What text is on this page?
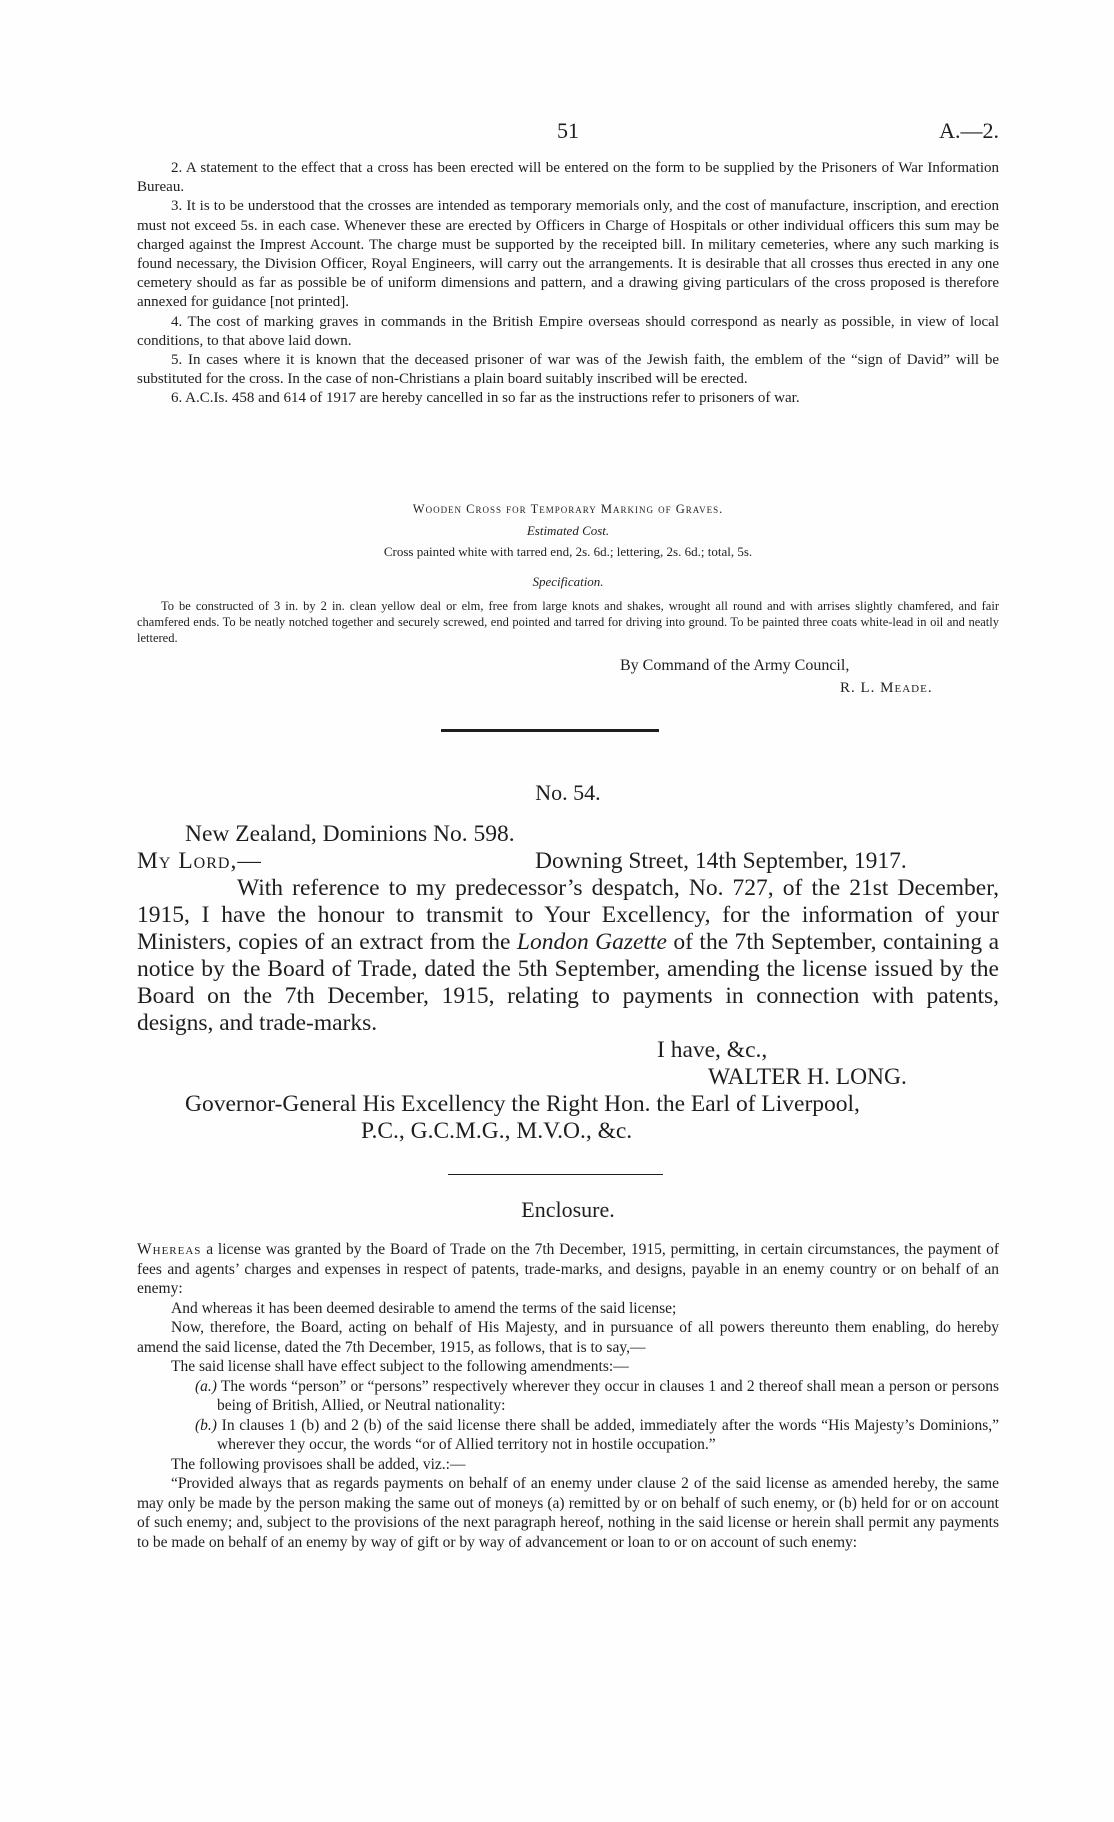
51	A.—2.

2. A statement to the effect that a cross has been erected will be entered on the form to be supplied by the Prisoners of War Information Bureau.

3. It is to be understood that the crosses are intended as temporary memorials only, and the cost of manufacture, inscription, and erection must not exceed 5s. in each case. Whenever these are erected by Officers in Charge of Hospitals or other individual officers this sum may be charged against the Imprest Account. The charge must be supported by the receipted bill. In military cemeteries, where any such marking is found necessary, the Division Officer, Royal Engineers, will carry out the arrangements. It is desirable that all crosses thus erected in any one cemetery should as far as possible be of uniform dimensions and pattern, and a drawing giving particulars of the cross proposed is therefore annexed for guidance [not printed].

4. The cost of marking graves in commands in the British Empire overseas should correspond as nearly as possible, in view of local conditions, to that above laid down.

5. In cases where it is known that the deceased prisoner of war was of the Jewish faith, the emblem of the “sign of David” will be substituted for the cross. In the case of non-Christians a plain board suitably inscribed will be erected.

6. A.C.Is. 458 and 614 of 1917 are hereby cancelled in so far as the instructions refer to prisoners of war.

Wooden Cross for Temporary Marking of Graves.
Estimated Cost.
Cross painted white with tarred end, 2s. 6d.; lettering, 2s. 6d.; total, 5s.
Specification.

To be constructed of 3 in. by 2 in. clean yellow deal or elm, free from large knots and shakes, wrought all round and with arrises slightly chamfered, and fair chamfered ends. To be neatly notched together and securely screwed, end pointed and tarred for driving into ground. To be painted three coats white-lead in oil and neatly lettered.

By Command of the Army Council,
R. L. Meade.
No. 54.
New Zealand, Dominions No. 598.
My Lord,—	Downing Street, 14th September, 1917.

With reference to my predecessor’s despatch, No. 727, of the 21st December, 1915, I have the honour to transmit to Your Excellency, for the information of your Ministers, copies of an extract from the London Gazette of the 7th September, containing a notice by the Board of Trade, dated the 5th September, amending the license issued by the Board on the 7th December, 1915, relating to payments in connection with patents, designs, and trade-marks.

I have, &c.,
WALTER H. LONG.
Governor-General His Excellency the Right Hon. the Earl of Liverpool,
P.C., G.C.M.G., M.V.O., &c.
Enclosure.

Whereas a license was granted by the Board of Trade on the 7th December, 1915, permitting, in certain circumstances, the payment of fees and agents’ charges and expenses in respect of patents, trade-marks, and designs, payable in an enemy country or on behalf of an enemy:

And whereas it has been deemed desirable to amend the terms of the said license;

Now, therefore, the Board, acting on behalf of His Majesty, and in pursuance of all powers thereunto them enabling, do hereby amend the said license, dated the 7th December, 1915, as follows, that is to say,—

The said license shall have effect subject to the following amendments:—

(a.) The words “person” or “persons” respectively wherever they occur in clauses 1 and 2 thereof shall mean a person or persons being of British, Allied, or Neutral nationality:

(b.) In clauses 1 (b) and 2 (b) of the said license there shall be added, immediately after the words “His Majesty’s Dominions,” wherever they occur, the words “or of Allied territory not in hostile occupation.”

The following provisoes shall be added, viz.:—

“Provided always that as regards payments on behalf of an enemy under clause 2 of the said license as amended hereby, the same may only be made by the person making the same out of moneys (a) remitted by or on behalf of such enemy, or (b) held for or on account of such enemy; and, subject to the provisions of the next paragraph hereof, nothing in the said license or herein shall permit any payments to be made on behalf of an enemy by way of gift or by way of advancement or loan to or on account of such enemy:
